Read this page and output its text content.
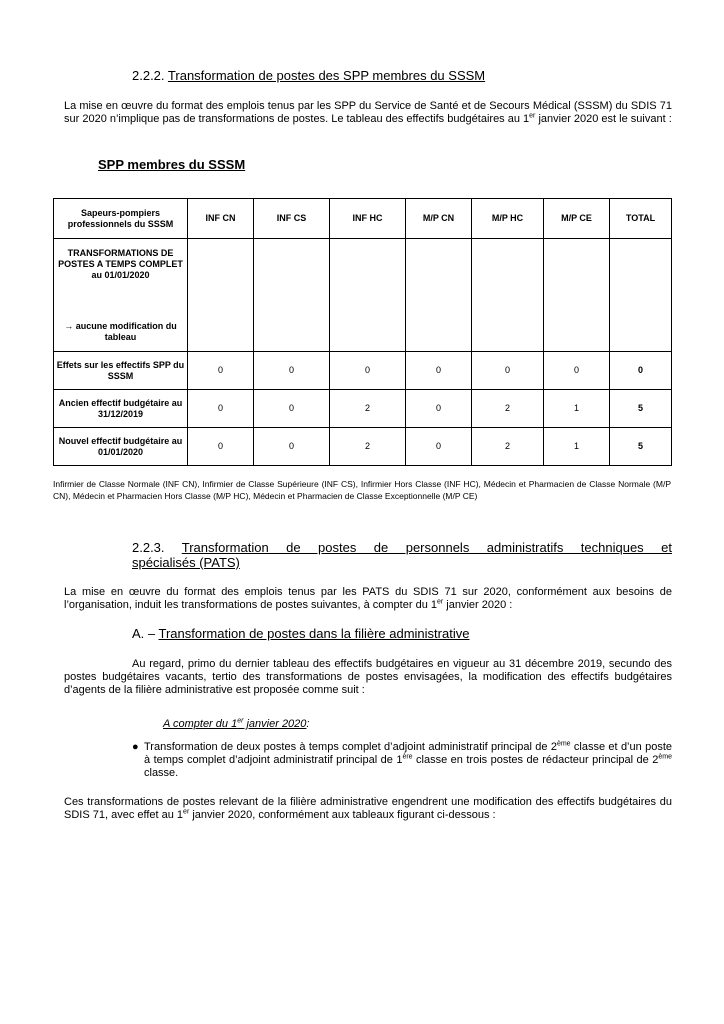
2.2.2. Transformation de postes des SPP membres du SSSM
La mise en œuvre du format des emplois tenus par les SPP du Service de Santé et de Secours Médical (SSSM) du SDIS 71 sur 2020 n’implique pas de transformations de postes. Le tableau des effectifs budgétaires au 1er janvier 2020 est le suivant :
SPP membres du SSSM
Sapeurs-pompiers professionnels du SSSM	INF CN	INF CS	INF HC	M/P CN	M/P HC	M/P CE	TOTAL

TRANSFORMATIONS DE POSTES A TEMPS COMPLET au 01/01/2020
→ aucune modification du tableau							

Effets sur les effectifs SPP du SSSM	0	0	0	0	0	0	0
Ancien effectif budgétaire au 31/12/2019	0	0	2	0	2	1	5
Nouvel effectif budgétaire au 01/01/2020	0	0	2	0	2	1	5
Infirmier de Classe Normale (INF CN), Infirmier de Classe Supérieure (INF CS), Infirmier Hors Classe (INF HC), Médecin et Pharmacien de Classe Normale (M/P CN), Médecin et Pharmacien Hors Classe (M/P HC), Médecin et Pharmacien de Classe Exceptionnelle (M/P CE)
2.2.3. Transformation de postes de personnels administratifs techniques et
spécialisés (PATS)
La mise en œuvre du format des emplois tenus par les PATS du SDIS 71 sur 2020, conformément aux besoins de l’organisation, induit les transformations de postes suivantes, à compter du 1er janvier 2020 :
A. – Transformation de postes dans la filière administrative
Au regard, primo du dernier tableau des effectifs budgétaires en vigueur au 31 décembre 2019, secundo des postes budgétaires vacants, tertio des transformations de postes envisagées, la modification des effectifs budgétaires d’agents de la filière administrative est proposée comme suit :
A compter du 1er janvier 2020:
● Transformation de deux postes à temps complet d’adjoint administratif principal de 2ème classe et d’un poste à temps complet d’adjoint administratif principal de 1ère classe en trois postes de rédacteur principal de 2ème classe.
Ces transformations de postes relevant de la filière administrative engendrent une modification des effectifs budgétaires du SDIS 71, avec effet au 1er janvier 2020, conformément aux tableaux figurant ci-dessous :
